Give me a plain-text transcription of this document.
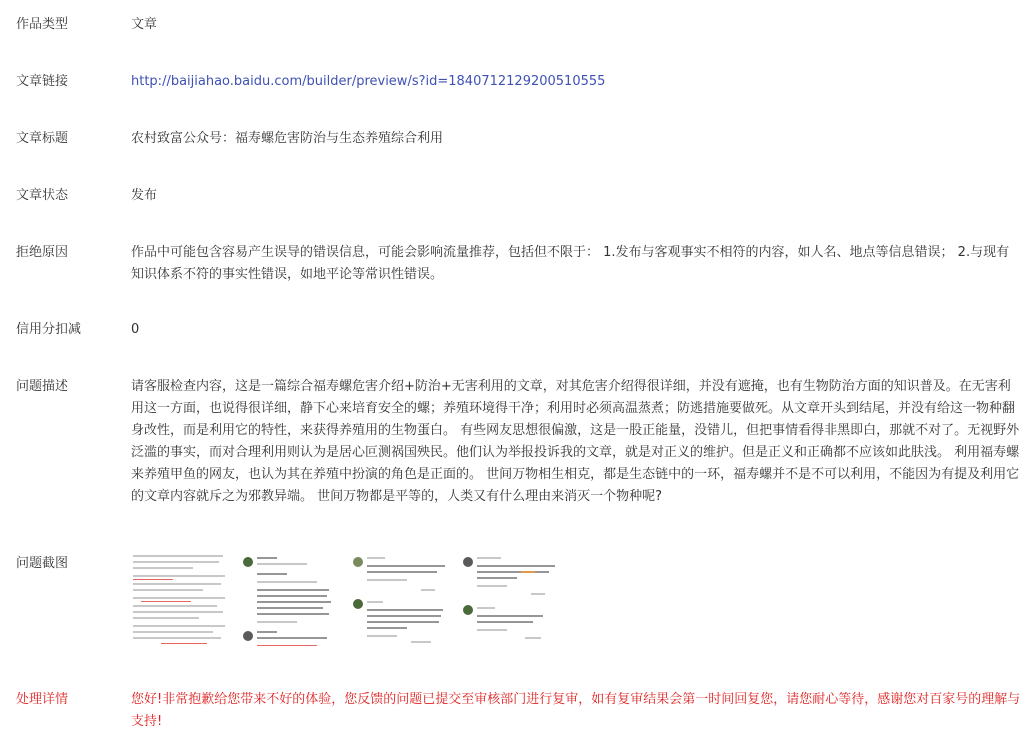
作品类型	文章
文章链接	http://baijiahao.baidu.com/builder/preview/s?id=1840712129200510555
文章标题	农村致富公众号：福寿螺危害防治与生态养殖综合利用
文章状态	发布
拒绝原因	作品中可能包含容易产生误导的错误信息，可能会影响流量推荐，包括但不限于： 1.发布与客观事实不相符的内容，如人名、地点等信息错误； 2.与现有知识体系不符的事实性错误，如地平论等常识性错误。
信用分扣减	0
问题描述	请客服检查内容，这是一篇综合福寿螺危害介绍+防治+无害利用的文章，对其危害介绍得很详细，并没有遮掩，也有生物防治方面的知识普及。在无害利用这一方面，也说得很详细，静下心来培育安全的螺；养殖环境得干净；利用时必须高温蒸煮；防逃措施要做死。从文章开头到结尾，并没有给这一物种翻身改性，而是利用它的特性，来获得养殖用的生物蛋白。 有些网友思想很偏激，这是一股正能量，没错儿，但把事情看得非黑即白，那就不对了。无视野外泛滥的事实，而对合理利用则认为是居心叵测祸国殃民。他们认为举报投诉我的文章，就是对正义的维护。但是正义和正确都不应该如此肤浅。 利用福寿螺来养殖甲鱼的网友，也认为其在养殖中扮演的角色是正面的。 世间万物相生相克，都是生态链中的一环，福寿螺并不是不可以利用，不能因为有提及利用它的文章内容就斥之为邪教异端。 世间万物都是平等的，人类又有什么理由来消灭一个物种呢?
问题截图
处理详情	您好!非常抱歉给您带来不好的体验，您反馈的问题已提交至审核部门进行复审，如有复审结果会第一时间回复您，请您耐心等待，感谢您对百家号的理解与支持!
